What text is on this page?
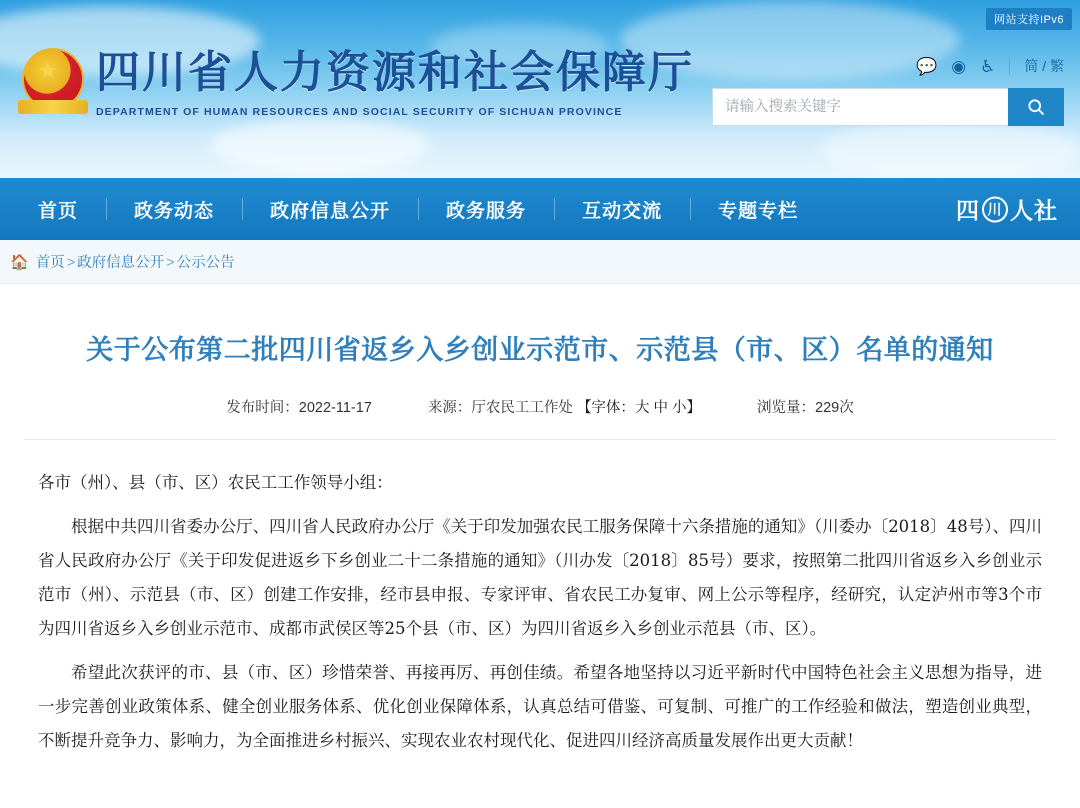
网站支持IPv6
★ 四川省人力资源和社会保障厅
DEPARTMENT OF HUMAN RESOURCES AND SOCIAL SECURITY OF SICHUAN PROVINCE
💬 ◉ ♿ 简 / 繁
请输入搜索关键字
首页	政务动态	政府信息公开	政务服务	互动交流	专题专栏	四 川 人社
🏠 首页 > 政府信息公开 > 公示公告
关于公布第二批四川省返乡入乡创业示范市、示范县（市、区）名单的通知
发布时间：2022-11-17	来源：厅农民工工作处 【字体：大 中 小】	浏览量：229次

各市（州）、县（市、区）农民工工作领导小组：

根据中共四川省委办公厅、四川省人民政府办公厅《关于印发加强农民工服务保障十六条措施的通知》（川委办〔2018〕48号）、四川省人民政府办公厅《关于印发促进返乡下乡创业二十二条措施的通知》（川办发〔2018〕85号）要求，按照第二批四川省返乡入乡创业示范市（州）、示范县（市、区）创建工作安排，经市县申报、专家评审、省农民工办复审、网上公示等程序，经研究，认定泸州市等3个市为四川省返乡入乡创业示范市、成都市武侯区等25个县（市、区）为四川省返乡入乡创业示范县（市、区）。

希望此次获评的市、县（市、区）珍惜荣誉、再接再厉、再创佳绩。希望各地坚持以习近平新时代中国特色社会主义思想为指导，进一步完善创业政策体系、健全创业服务体系、优化创业保障体系，认真总结可借鉴、可复制、可推广的工作经验和做法，塑造创业典型，不断提升竞争力、影响力，为全面推进乡村振兴、实现农业农村现代化、促进四川经济高质量发展作出更大贡献！
